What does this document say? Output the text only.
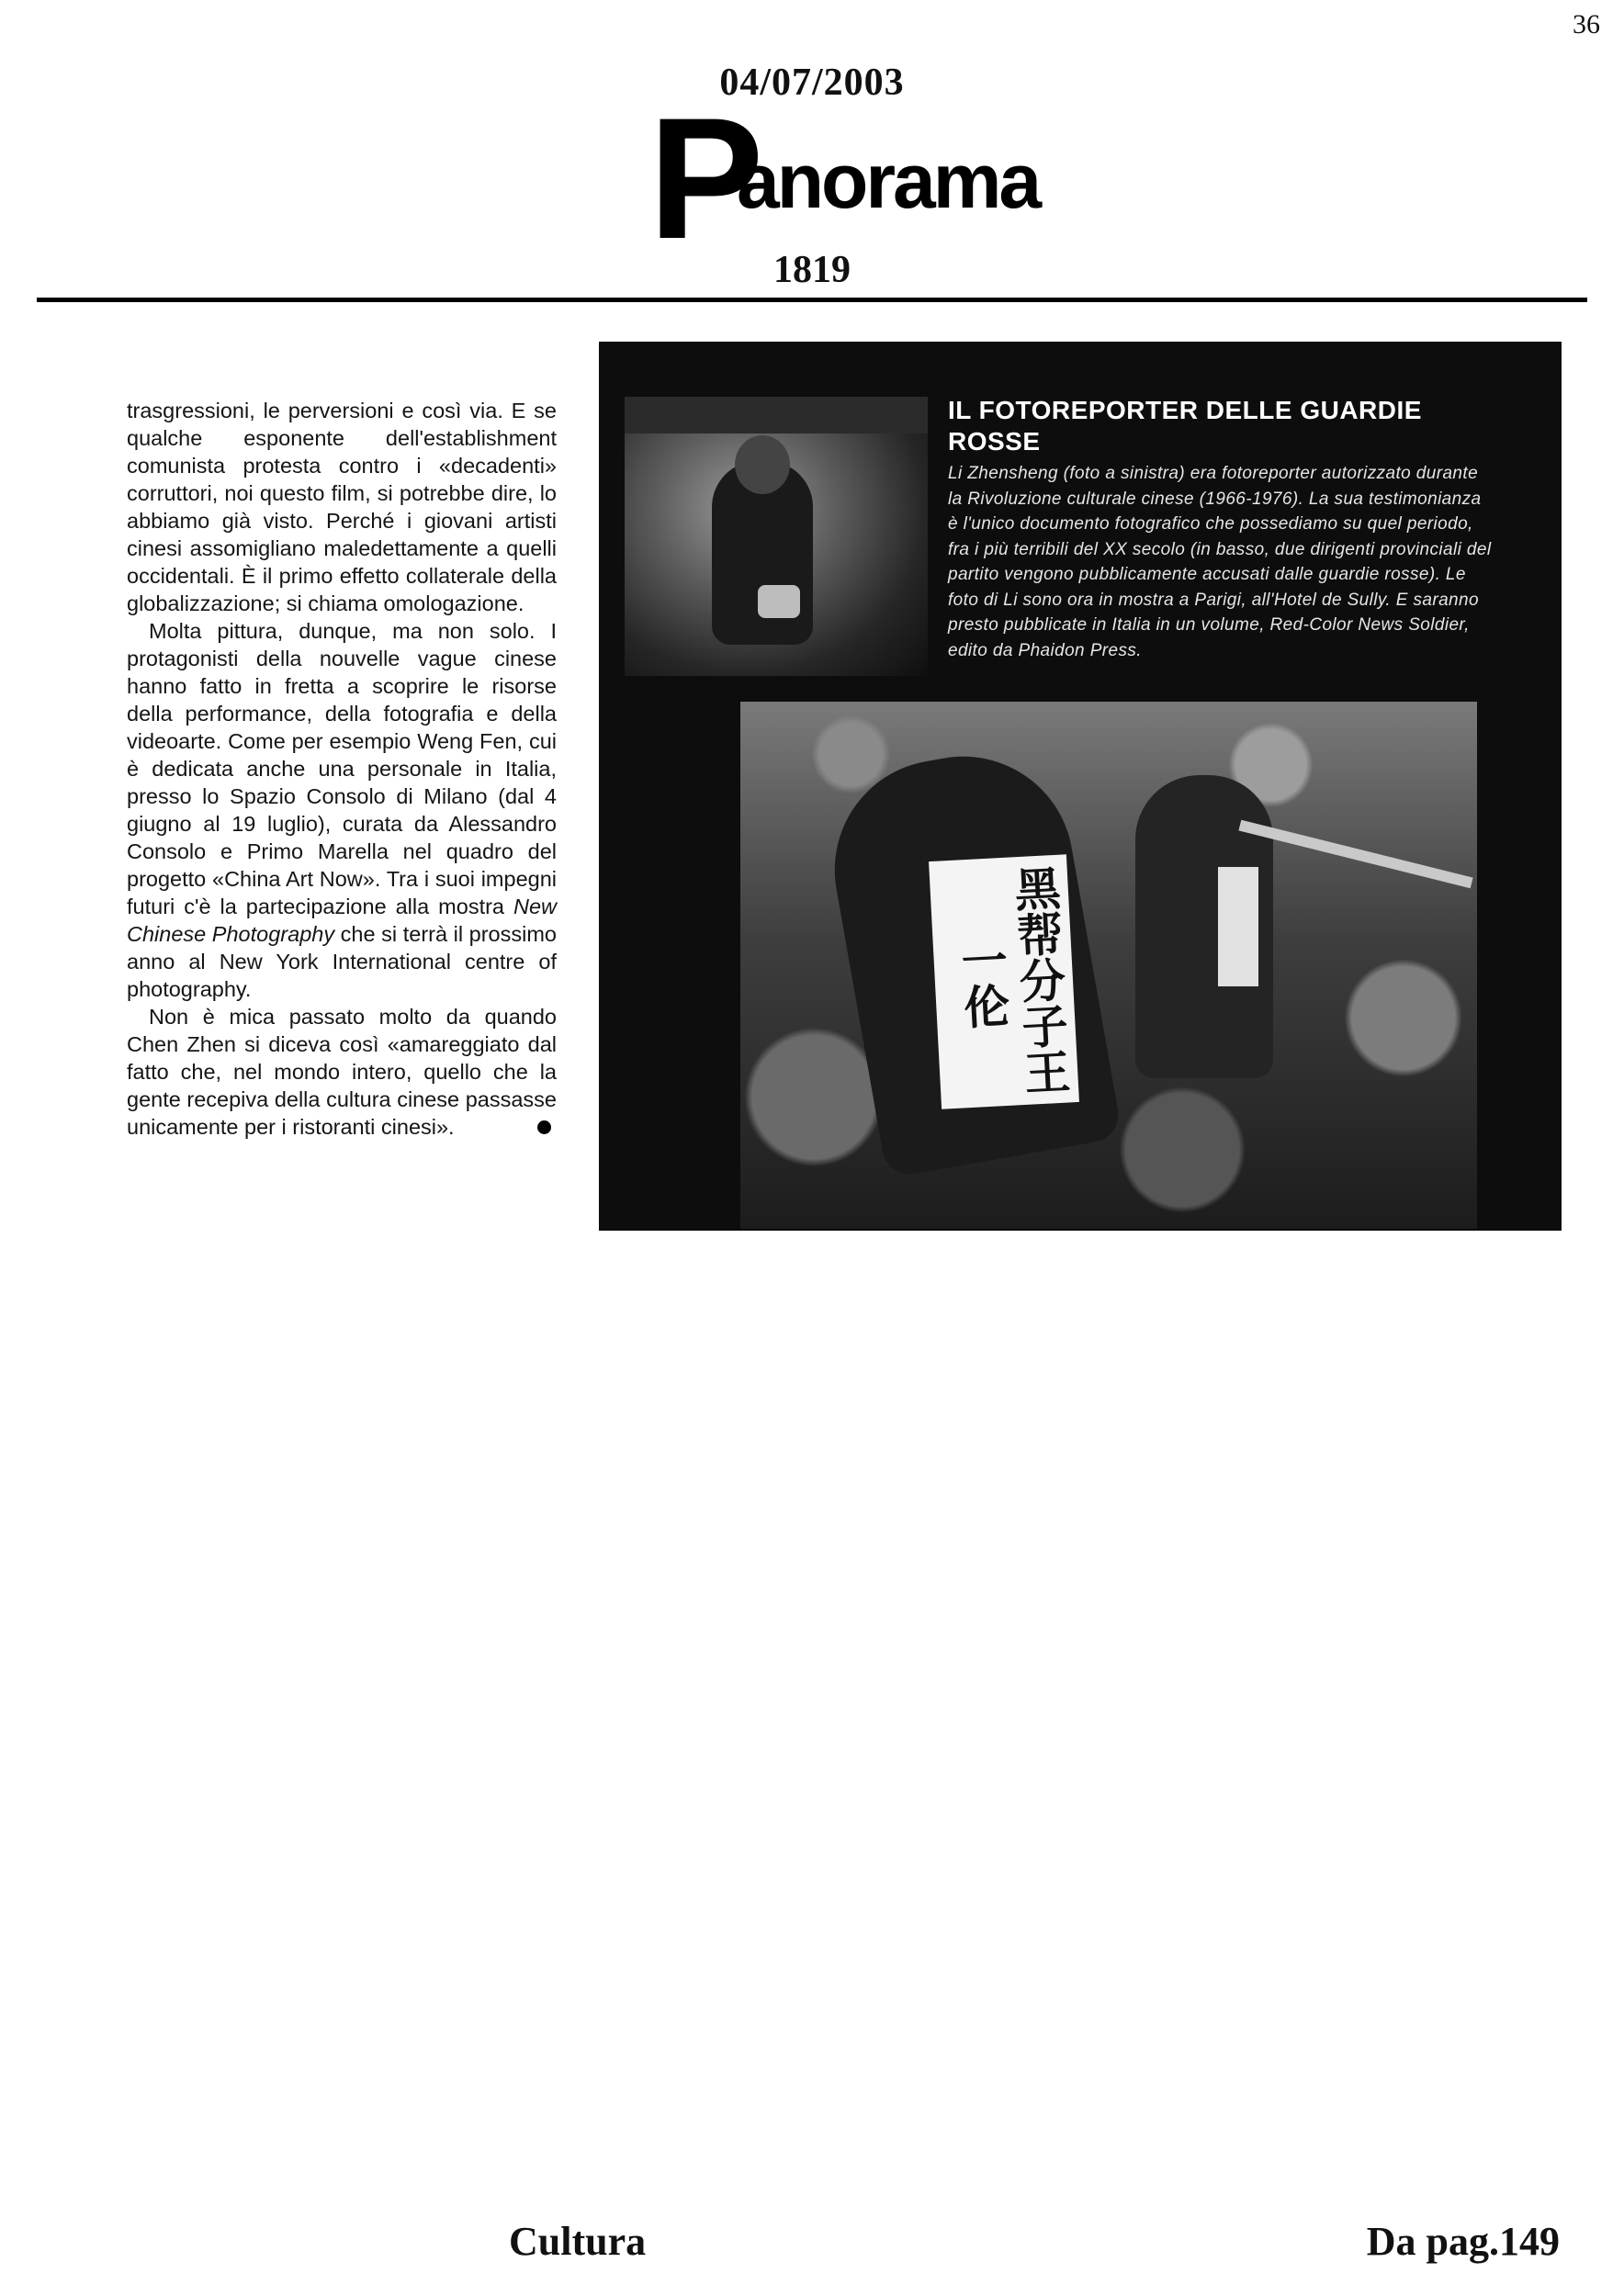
36
04/07/2003
P
anorama
1819

trasgressioni, le perversioni e così via. E se qualche esponente dell'establishment comunista protesta contro i «decadenti» corruttori, noi questo film, si potrebbe dire, lo abbiamo già visto. Perché i giovani artisti cinesi assomigliano maledettamente a quelli occidentali. È il primo effetto collaterale della globalizzazione; si chiama omologazione.

Molta pittura, dunque, ma non solo. I protagonisti della nouvelle vague cinese hanno fatto in fretta a scoprire le risorse della performance, della fotografia e della videoarte. Come per esempio Weng Fen, cui è dedicata anche una personale in Italia, presso lo Spazio Consolo di Milano (dal 4 giugno al 19 luglio), curata da Alessandro Consolo e Primo Marella nel quadro del progetto «China Art Now». Tra i suoi impegni futuri c'è la partecipazione alla mostra New Chinese Photography che si terrà il prossimo anno al New York International centre of photography.

Non è mica passato molto da quando Chen Zhen si diceva così «amareggiato dal fatto che, nel mondo intero, quello che la gente recepiva della cultura cinese passasse unicamente per i ristoranti cinesi».

IL FOTOREPORTER DELLE GUARDIE ROSSE
Li Zhensheng (foto a sinistra) era fotoreporter autorizzato durante la Rivoluzione culturale cinese (1966-1976). La sua testimonianza è l'unico documento fotografico che possediamo su quel periodo, fra i più terribili del XX secolo (in basso, due dirigenti provinciali del partito vengono pubblicamente accusati dalle guardie rosse). Le foto di Li sono ora in mostra a Parigi, all'Hotel de Sully. E saranno presto pubblicate in Italia in un volume, Red-Color News Soldier, edito da Phaidon Press.
黑帮分子王一伦
Cultura	Da pag.149
